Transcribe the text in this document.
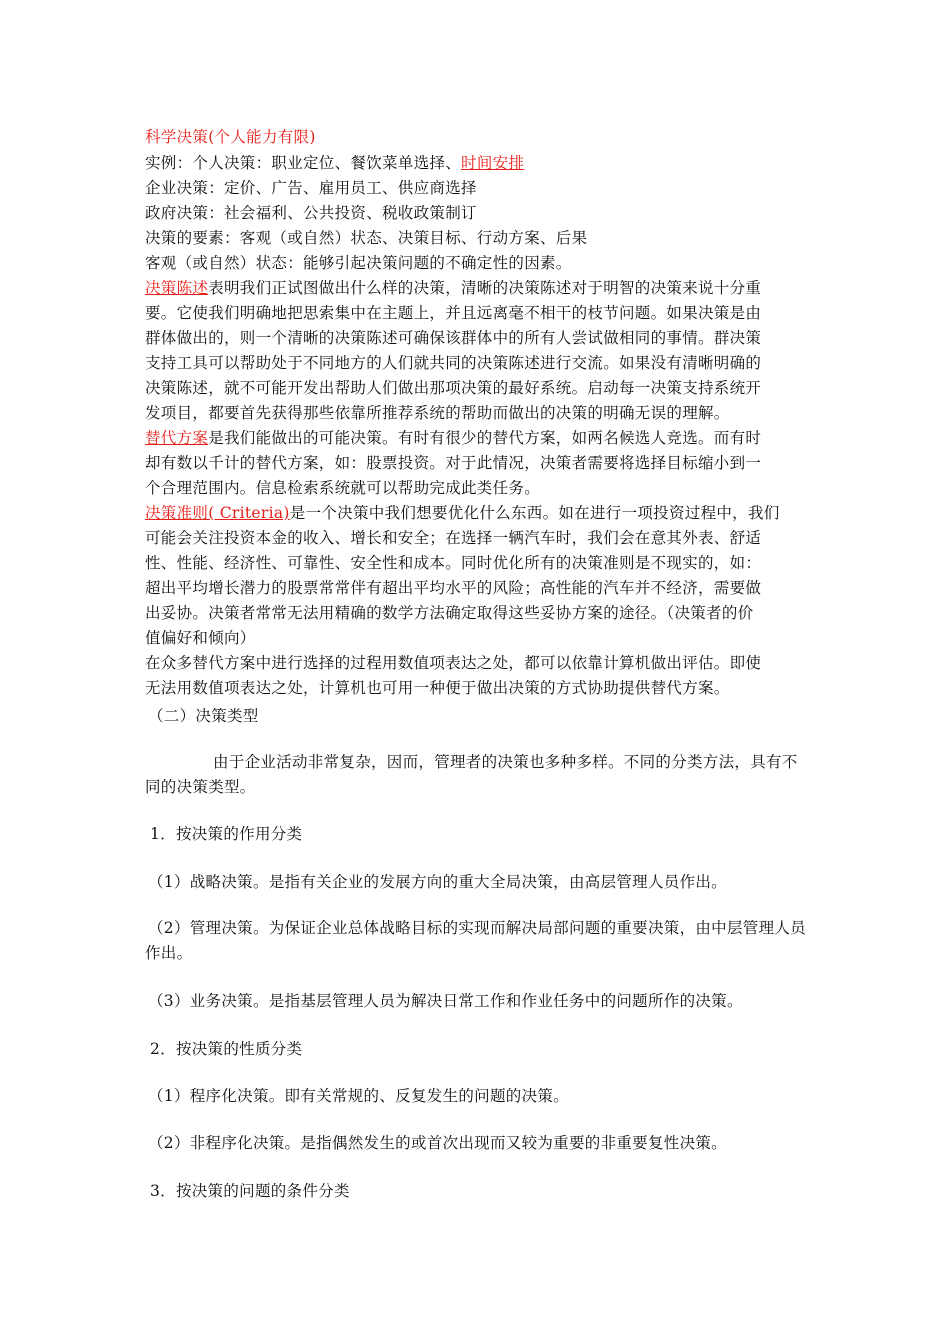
科学决策(个人能力有限)
实例：个人决策：职业定位、餐饮菜单选择、时间安排
企业决策：定价、广告、雇用员工、供应商选择
政府决策：社会福利、公共投资、税收政策制订
决策的要素：客观（或自然）状态、决策目标、行动方案、后果
客观（或自然）状态：能够引起决策问题的不确定性的因素。
决策陈述表明我们正试图做出什么样的决策，清晰的决策陈述对于明智的决策来说十分重
要。它使我们明确地把思索集中在主题上，并且远离毫不相干的枝节问题。如果决策是由
群体做出的，则一个清晰的决策陈述可确保该群体中的所有人尝试做相同的事情。群决策
支持工具可以帮助处于不同地方的人们就共同的决策陈述进行交流。如果没有清晰明确的
决策陈述，就不可能开发出帮助人们做出那项决策的最好系统。启动每一决策支持系统开
发项目，都要首先获得那些依靠所推荐系统的帮助而做出的决策的明确无误的理解。
替代方案是我们能做出的可能决策。有时有很少的替代方案，如两名候选人竞选。而有时
却有数以千计的替代方案，如：股票投资。对于此情况，决策者需要将选择目标缩小到一
个合理范围内。信息检索系统就可以帮助完成此类任务。
决策准则( Criteria)是一个决策中我们想要优化什么东西。如在进行一项投资过程中，我们
可能会关注投资本金的收入、增长和安全；在选择一辆汽车时，我们会在意其外表、舒适
性、性能、经济性、可靠性、安全性和成本。同时优化所有的决策准则是不现实的，如：
超出平均增长潜力的股票常常伴有超出平均水平的风险；高性能的汽车并不经济，需要做
出妥协。决策者常常无法用精确的数学方法确定取得这些妥协方案的途径。（决策者的价
值偏好和倾向）
在众多替代方案中进行选择的过程用数值项表达之处，都可以依靠计算机做出评估。即使
无法用数值项表达之处，计算机也可用一种便于做出决策的方式协助提供替代方案。
（二）决策类型
由于企业活动非常复杂，因而，管理者的决策也多种多样。不同的分类方法，具有不
同的决策类型。
1．按决策的作用分类
（1）战略决策。是指有关企业的发展方向的重大全局决策，由高层管理人员作出。
（2）管理决策。为保证企业总体战略目标的实现而解决局部问题的重要决策，由中层管理人员
作出。
（3）业务决策。是指基层管理人员为解决日常工作和作业任务中的问题所作的决策。
2．按决策的性质分类
（1）程序化决策。即有关常规的、反复发生的问题的决策。
（2）非程序化决策。是指偶然发生的或首次出现而又较为重要的非重要复性决策。
3．按决策的问题的条件分类
